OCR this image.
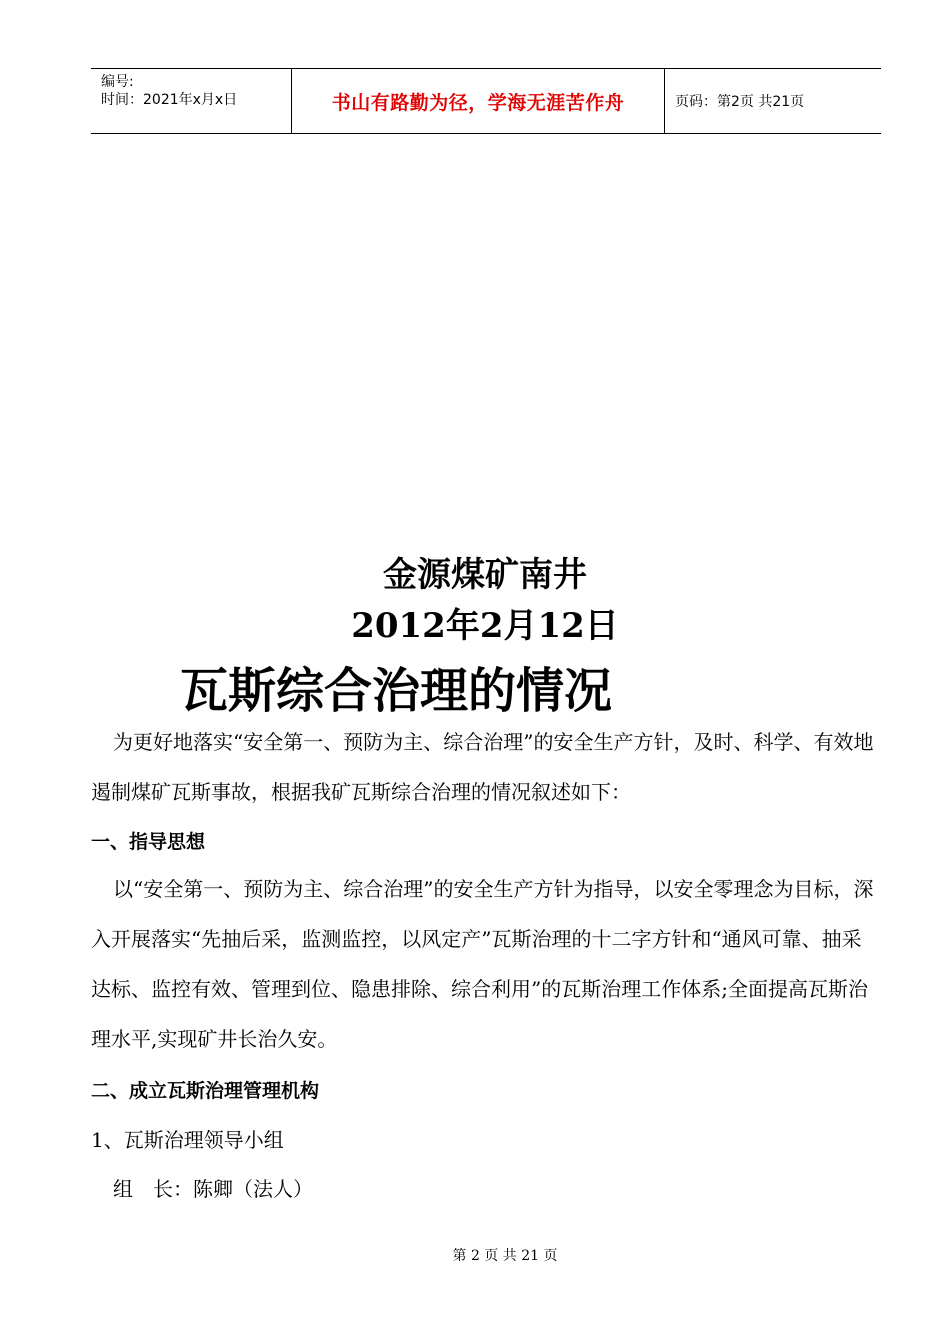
编号:
时间：2021年x月x日	书山有路勤为径，学海无涯苦作舟	页码：第2页 共21页
金源煤矿南井
2012年2月12日
瓦斯综合治理的情况
为更好地落实“安全第一、预防为主、综合治理”的安全生产方针，及时、科学、有效地遏制煤矿瓦斯事故，根据我矿瓦斯综合治理的情况叙述如下：
一、指导思想
以“安全第一、预防为主、综合治理”的安全生产方针为指导，以安全零理念为目标，深入开展落实“先抽后采，监测监控，以风定产”瓦斯治理的十二字方针和“通风可靠、抽采达标、监控有效、管理到位、隐患排除、综合利用”的瓦斯治理工作体系;全面提高瓦斯治理水平,实现矿井长治久安。
二、成立瓦斯治理管理机构
1、瓦斯治理领导小组
组　长：陈卿（法人）
第 2 页 共 21 页
